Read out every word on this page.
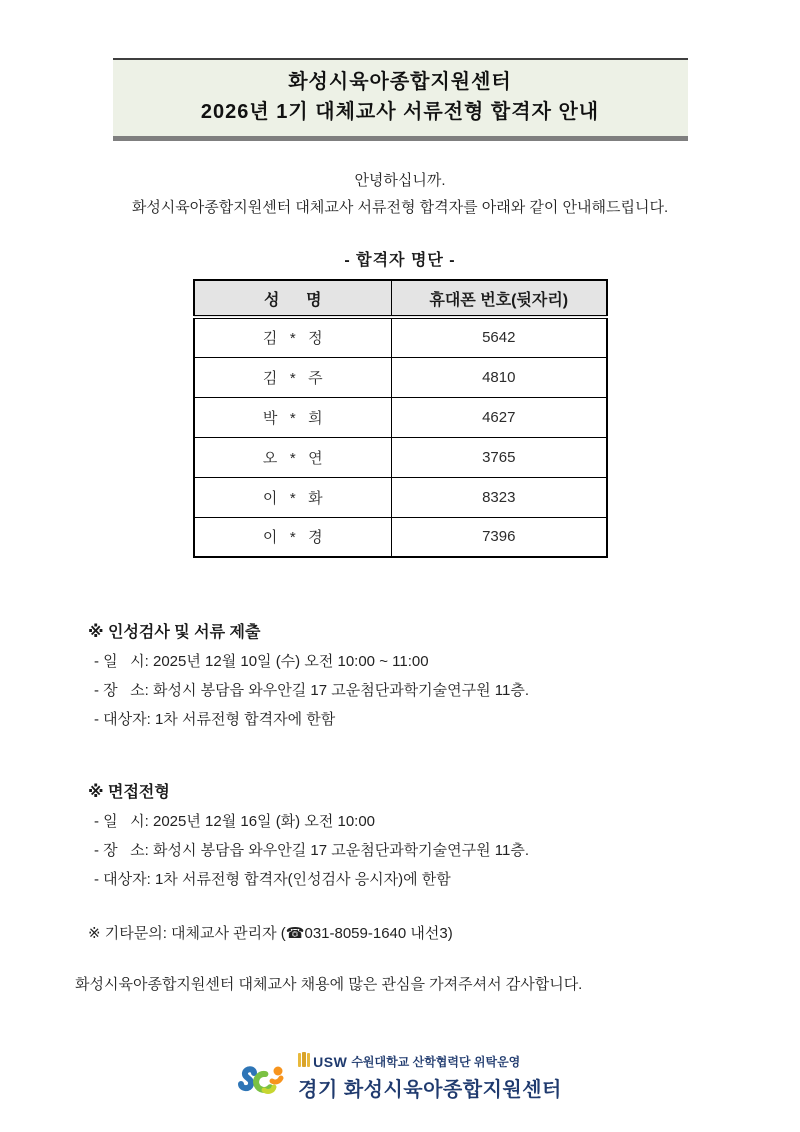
화성시육아종합지원센터
2026년 1기 대체교사 서류전형 합격자 안내
안녕하십니까.
화성시육아종합지원센터 대체교사 서류전형 합격자를 아래와 같이 안내해드립니다.
- 합격자 명단 -
성      명	휴대폰 번호(뒷자리)
김   *   정	5642
김   *   주	4810
박   *   희	4627
오   *   연	3765
이   *   화	8323
이   *   경	7396
※ 인성검사 및 서류 제출
- 일   시: 2025년 12월 10일 (수) 오전 10:00 ~ 11:00
- 장   소: 화성시 봉담읍 와우안길 17 고운첨단과학기술연구원 11층.
- 대상자: 1차 서류전형 합격자에 한함
※ 면접전형
- 일   시: 2025년 12월 16일 (화) 오전 10:00
- 장   소: 화성시 봉담읍 와우안길 17 고운첨단과학기술연구원 11층.
- 대상자: 1차 서류전형 합격자(인성검사 응시자)에 한함
※ 기타문의: 대체교사 관리자 (☎031-8059-1640 내선3)
화성시육아종합지원센터 대체교사 채용에 많은 관심을 가져주셔서 감사합니다.
USW 수원대학교 산학협력단 위탁운영
경기 화성시육아종합지원센터
